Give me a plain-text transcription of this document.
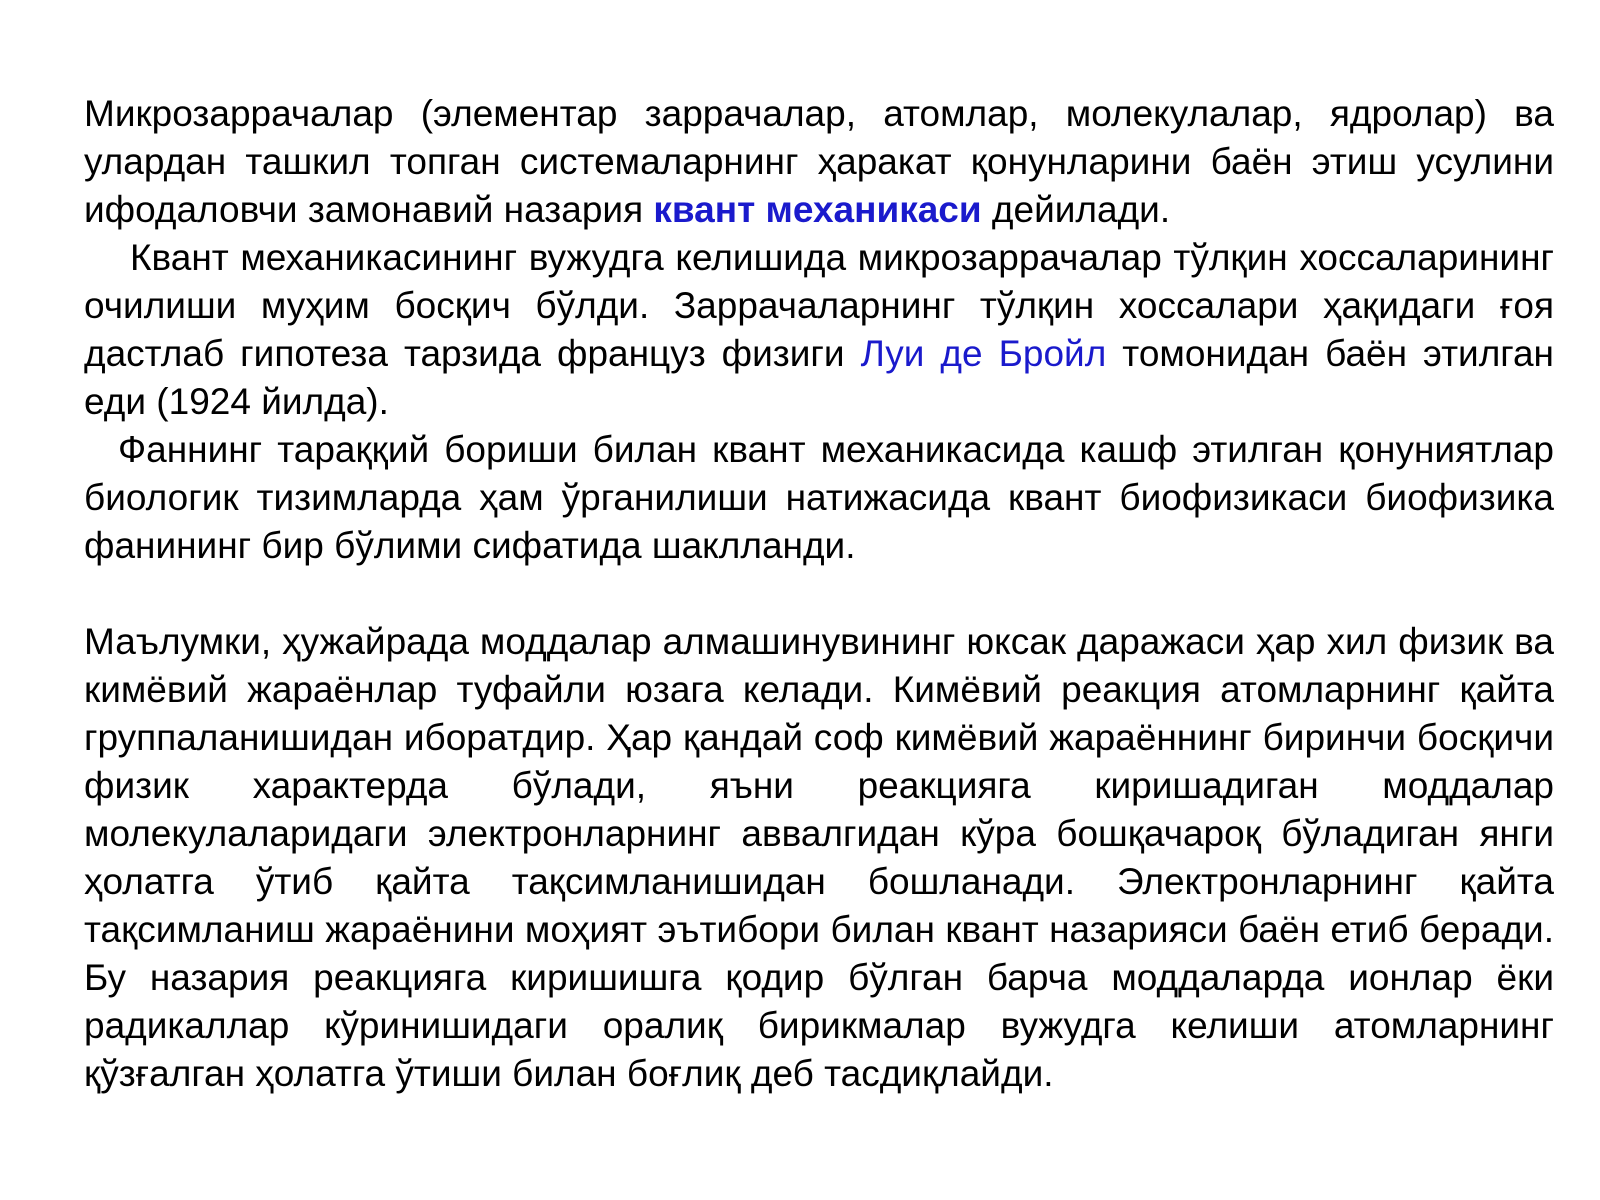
Микрозаррачалар (элементар заррачалар, атомлар, молекулалар, ядролар) ва улардан ташкил топган системаларнинг ҳаракат қонунларини баён этиш усулини ифодаловчи замонавий назария квант механикаси дейилади.

Квант механикасининг вужудга келишида микрозаррачалар тўлқин хоссаларининг очилиши муҳим босқич бўлди. Заррачаларнинг тўлқин хоссалари ҳақидаги ғоя дастлаб гипотеза тарзида француз физиги Луи де Бройл томонидан баён этилган еди (1924 йилда).

Фаннинг тараққий бориши билан квант механикасида кашф этилган қонуниятлар биологик тизимларда ҳам ўрганилиши натижасида квант биофизикаси биофизика фанининг бир бўлими сифатида шаклланди.

Маълумки, ҳужайрада моддалар алмашинувининг юксак даражаси ҳар хил физик ва кимёвий жараёнлар туфайли юзага келади. Кимёвий реакция атомларнинг қайта группаланишидан иборатдир. Ҳар қандай соф кимёвий жараённинг биринчи босқичи физик характерда бўлади, яъни реакцияга киришадиган моддалар молекулаларидаги электронларнинг аввалгидан кўра бошқачароқ бўладиган янги ҳолатга ўтиб қайта тақсимланишидан бошланади. Электронларнинг қайта тақсимланиш жараёнини моҳият эътибори билан квант назарияси баён етиб беради. Бу назария реакцияга киришишга қодир бўлган барча моддаларда ионлар ёки радикаллар кўринишидаги оралиқ бирикмалар вужудга келиши атомларнинг қўзғалган ҳолатга ўтиши билан боғлиқ деб тасдиқлайди.
